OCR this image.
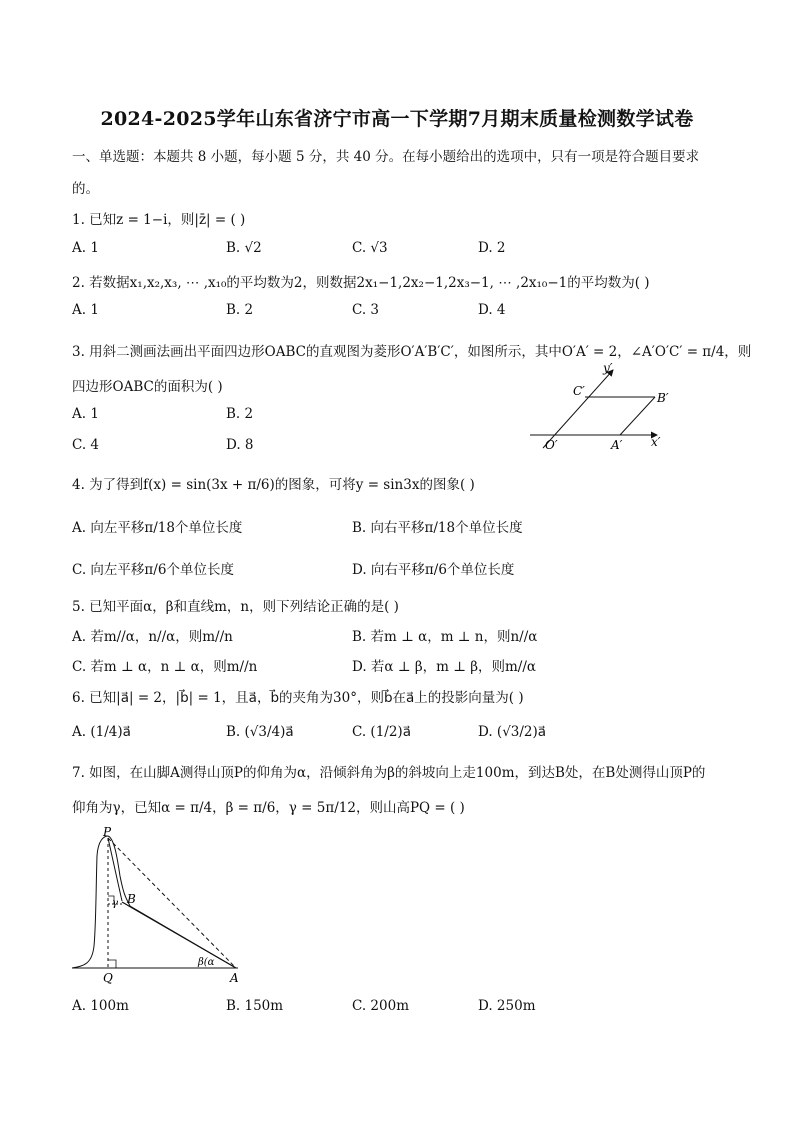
2024-2025学年山东省济宁市高一下学期7月期末质量检测数学试卷
一、单选题：本题共 8 小题，每小题 5 分，共 40 分。在每小题给出的选项中，只有一项是符合题目要求
的。
1. 已知z = 1−i，则|z̄| = ( )
A. 1	B. √2	C. √3	D. 2
2. 若数据x₁,x₂,x₃, ⋯ ,x₁₀的平均数为2，则数据2x₁−1,2x₂−1,2x₃−1, ⋯ ,2x₁₀−1的平均数为( )
A. 1	B. 2	C. 3	D. 4
3. 用斜二测画法画出平面四边形OABC的直观图为菱形O′A′B′C′，如图所示，其中O′A′ = 2，∠A′O′C′ = π/4，则
四边形OABC的面积为( )
A. 1	B. 2
C. 4	D. 8
y′
C′	B′
O′	A′ x′
4. 为了得到f(x) = sin(3x + π/6)的图象，可将y = sin3x的图象( )
A. 向左平移π/18个单位长度	B. 向右平移π/18个单位长度
C. 向左平移π/6个单位长度	D. 向右平移π/6个单位长度
5. 已知平面α，β和直线m，n，则下列结论正确的是( )
A. 若m//α，n//α，则m//n	B. 若m ⊥ α，m ⊥ n，则n//α
C. 若m ⊥ α，n ⊥ α，则m//n	D. 若α ⊥ β，m ⊥ β，则m//α
6. 已知|a⃗| = 2，|b⃗| = 1，且a⃗，b⃗的夹角为30°，则b⃗在a⃗上的投影向量为( )
A. (1/4)a⃗	B. (√3/4)a⃗	C. (1/2)a⃗	D. (√3/2)a⃗
7. 如图，在山脚A测得山顶P的仰角为α，沿倾斜角为β的斜坡向上走100m，到达B处，在B处测得山顶P的
仰角为γ，已知α = π/4，β = π/6，γ = 5π/12，则山高PQ = ( )
P
B
γ
Q	A
β(α
A. 100m	B. 150m	C. 200m	D. 250m
